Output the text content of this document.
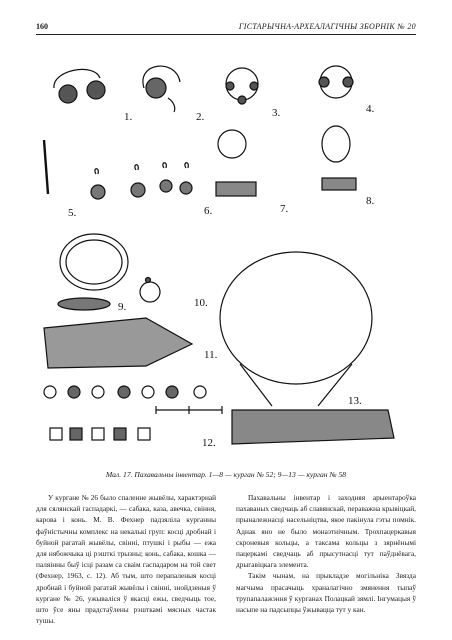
160	ГІСТАРЫЧНА-АРХЕАЛАГІЧНЫ ЗБОРНІК № 20
1.	2.	3.	4.
5.	6.	7.
8.
9.	10.
11.
12.
13.
Мал. 17. Пахавальны інвентар. 1—8 — курган № 52; 9—13 — курган № 58

У кургане № 26 было спаленне жывёлы, характэрнай для сялянскай гаспадаркі, — сабака, каза, авечка, свіння, карова і конь. М. В. Фехнер падзяліла курганны фаўністычны комплекс на некалькі груп: косці дробнай і буйной рагатай жывёлы, свінні, птушкі і рыбы — ежа для нябожчыка ці рэшткі трызны; конь, сабака, кошка — паляінны быў ісці разам са сваім гаспадаром на той свет (Фехнер, 1963, с. 12). Аб тым, што перапаленыя косці дробнай і буйной рагатай жывёлы і свінні, знойдзеныя ў кургане № 26, ужываліся ў якасці ежы, сведчыць тое, што ўсе яны прадстаўлены рэшткамі мясных частак тушы.

Пахавальны інвентар і заходняя арыентароўка пахаваных сведчаць аб славянскай, пераважна крывіцкай, прыналежнасці насельніцтва, якое пакінула гэты помнік. Аднак яно не было монаэтнічным. Трохпацеркавыя скроневыя кольцы, а таксама кольцы з зярнёнымі пацеркамі сведчаць аб прысутнасці тут паўднёвага, дрыгавіцкага элемента.

Такім чынам, на прыкладзе могільніка Звязда магчыма прасачыць храналагічно змянення тыпаў трупапалажэння ў курганах Полацкай зямлі. Інгумацыя ў насыпе на падсыпцы ўжывацца тут у кан.
